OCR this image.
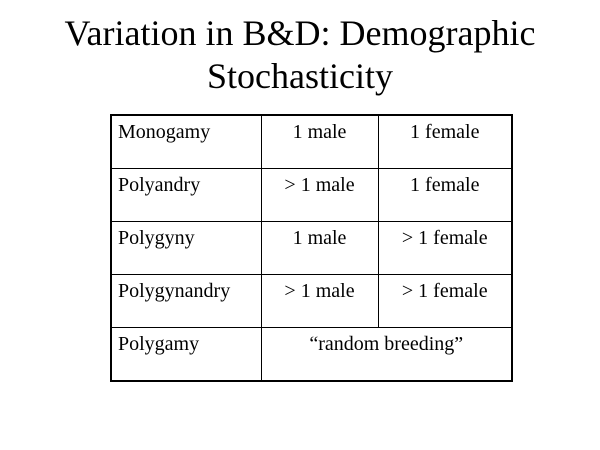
Variation in B&D: Demographic
Stochasticity
Monogamy	1 male	1 female
Polyandry	> 1 male	1 female
Polygyny	1 male	> 1 female
Polygynandry	> 1 male	> 1 female
Polygamy	“random breeding”	
